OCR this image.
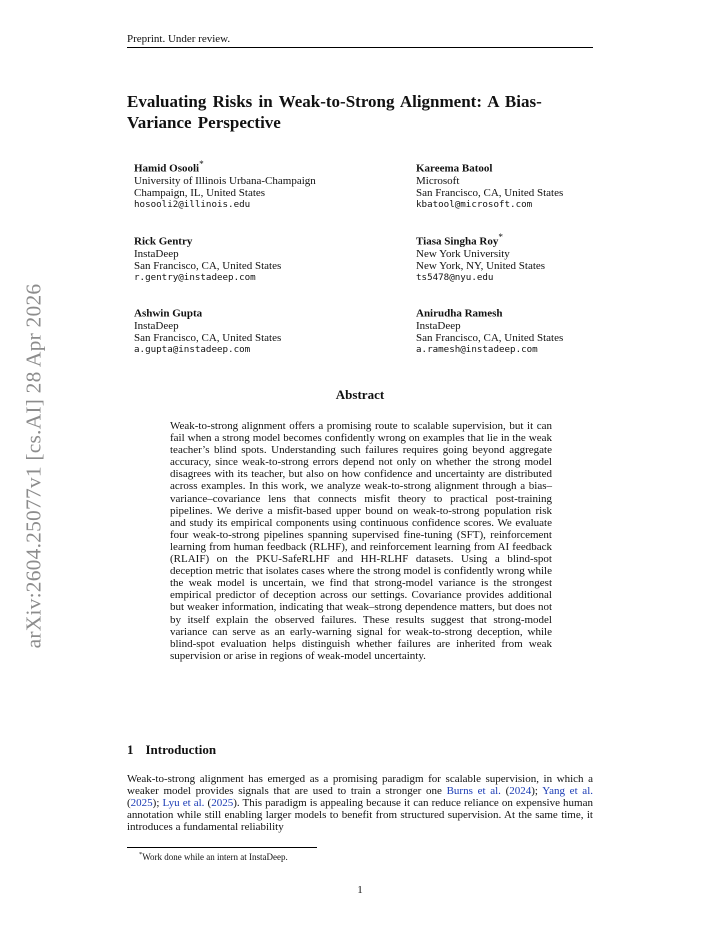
Preprint. Under review.
arXiv:2604.25077v1 [cs.AI] 28 Apr 2026
Evaluating Risks in Weak-to-Strong Alignment: A Bias-Variance Perspective
Hamid Osooli*
University of Illinois Urbana-Champaign
Champaign, IL, United States
hosooli2@illinois.edu
Kareema Batool
Microsoft
San Francisco, CA, United States
kbatool@microsoft.com
Rick Gentry
InstaDeep
San Francisco, CA, United States
r.gentry@instadeep.com
Tiasa Singha Roy*
New York University
New York, NY, United States
ts5478@nyu.edu
Ashwin Gupta
InstaDeep
San Francisco, CA, United States
a.gupta@instadeep.com
Anirudha Ramesh
InstaDeep
San Francisco, CA, United States
a.ramesh@instadeep.com
Abstract

Weak-to-strong alignment offers a promising route to scalable supervision, but it can fail when a strong model becomes confidently wrong on examples that lie in the weak teacher’s blind spots. Understanding such failures requires going beyond aggregate accuracy, since weak-to-strong errors depend not only on whether the strong model disagrees with its teacher, but also on how confidence and uncertainty are distributed across examples. In this work, we analyze weak-to-strong alignment through a bias–variance–covariance lens that connects misfit theory to practical post-training pipelines. We derive a misfit-based upper bound on weak-to-strong population risk and study its empirical components using continuous confidence scores. We evaluate four weak-to-strong pipelines spanning supervised fine-tuning (SFT), reinforcement learning from human feedback (RLHF), and reinforcement learning from AI feedback (RLAIF) on the PKU-SafeRLHF and HH-RLHF datasets. Using a blind-spot deception metric that isolates cases where the strong model is confidently wrong while the weak model is uncertain, we find that strong-model variance is the strongest empirical predictor of deception across our settings. Covariance provides additional but weaker information, indicating that weak–strong dependence matters, but does not by itself explain the observed failures. These results suggest that strong-model variance can serve as an early-warning signal for weak-to-strong deception, while blind-spot evaluation helps distinguish whether failures are inherited from weak supervision or arise in regions of weak-model uncertainty.

1 Introduction

Weak-to-strong alignment has emerged as a promising paradigm for scalable supervision, in which a weaker model provides signals that are used to train a stronger one Burns et al. (2024); Yang et al. (2025); Lyu et al. (2025). This paradigm is appealing because it can reduce reliance on expensive human annotation while still enabling larger models to benefit from structured supervision. At the same time, it introduces a fundamental reliability

*Work done while an intern at InstaDeep.
1
